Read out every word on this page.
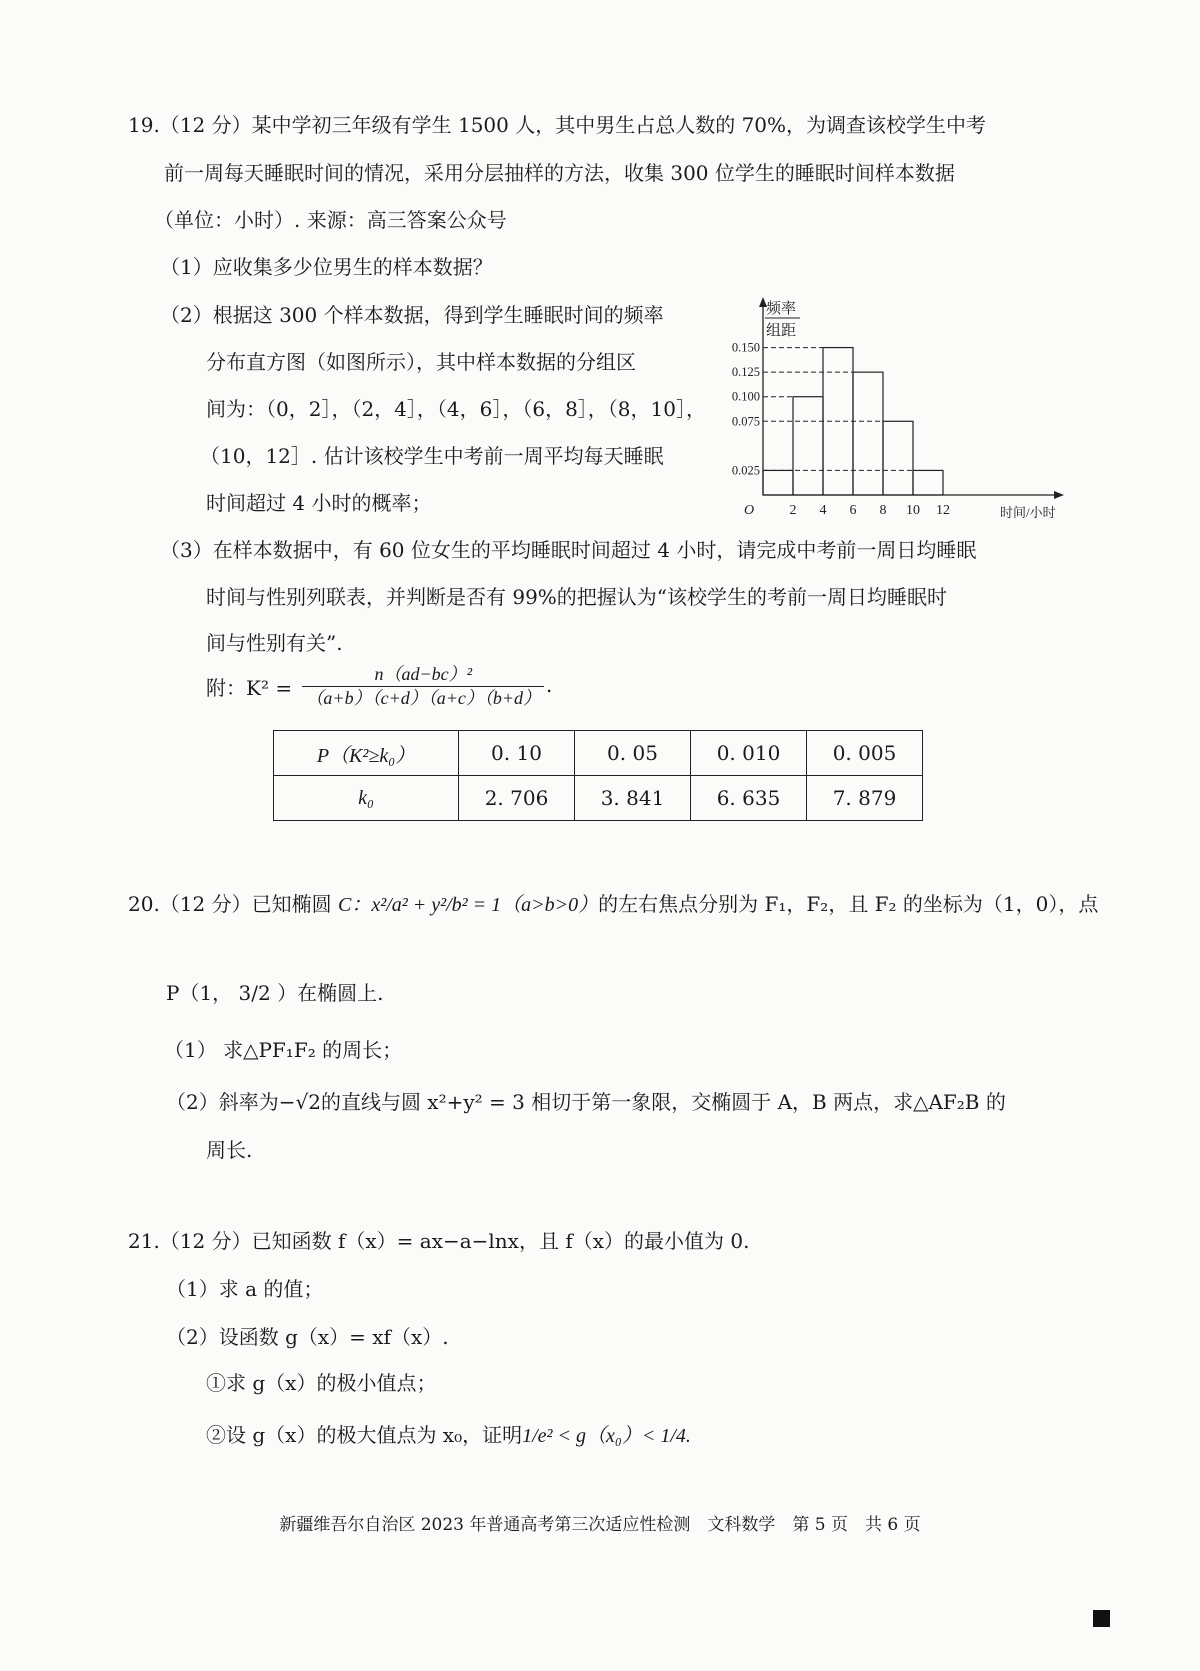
19.（12 分）某中学初三年级有学生 1500 人，其中男生占总人数的 70%，为调查该校学生中考
前一周每天睡眠时间的情况，采用分层抽样的方法，收集 300 位学生的睡眠时间样本数据
（单位：小时）. 来源：高三答案公众号
（1）应收集多少位男生的样本数据？
（2）根据这 300 个样本数据，得到学生睡眠时间的频率
分布直方图（如图所示），其中样本数据的分组区
间为：（0，2］，（2，4］，（4，6］，（6，8］，（8，10］，
（10，12］. 估计该校学生中考前一周平均每天睡眠
时间超过 4 小时的概率；
频率
组距
0.150
0.125
0.100
0.075
0.025
O	2 4 6 8 10 12	时间/小时
（3）在样本数据中，有 60 位女生的平均睡眠时间超过 4 小时，请完成中考前一周日均睡眠
时间与性别列联表，并判断是否有 99%的把握认为“该校学生的考前一周日均睡眠时
间与性别有关”.
附：$K^2 = \frac{\text{n（ad−bc）²}}{(a+b)(c+d)(a+c)(b+d)}$ .
P（K²≥k₀）	0. 10	0. 05	0. 010	0. 005
k₀	2. 706	3. 841	6. 635	7. 879
20.（12 分）已知椭圆 C：x²/a² + y²/b² = 1（a>b>0）的左右焦点分别为 F₁，F₂，且 F₂ 的坐标为（1，0），点
P（1， 3/2 ）在椭圆上.
（1） 求△PF₁F₂ 的周长；
（2）斜率为−√2的直线与圆 x²+y² = 3 相切于第一象限，交椭圆于 A，B 两点，求△AF₂B 的
周长.
21.（12 分）已知函数 f（x）= ax−a−lnx，且 f（x）的最小值为 0.
（1）求 a 的值；
（2）设函数 g（x）= xf（x）.
①求 g（x）的极小值点；
②设 g（x）的极大值点为 x₀，证明1/e² < g（x₀）< 1/4.
新疆维吾尔自治区 2023 年普通高考第三次适应性检测　文科数学　第 5 页　共 6 页
